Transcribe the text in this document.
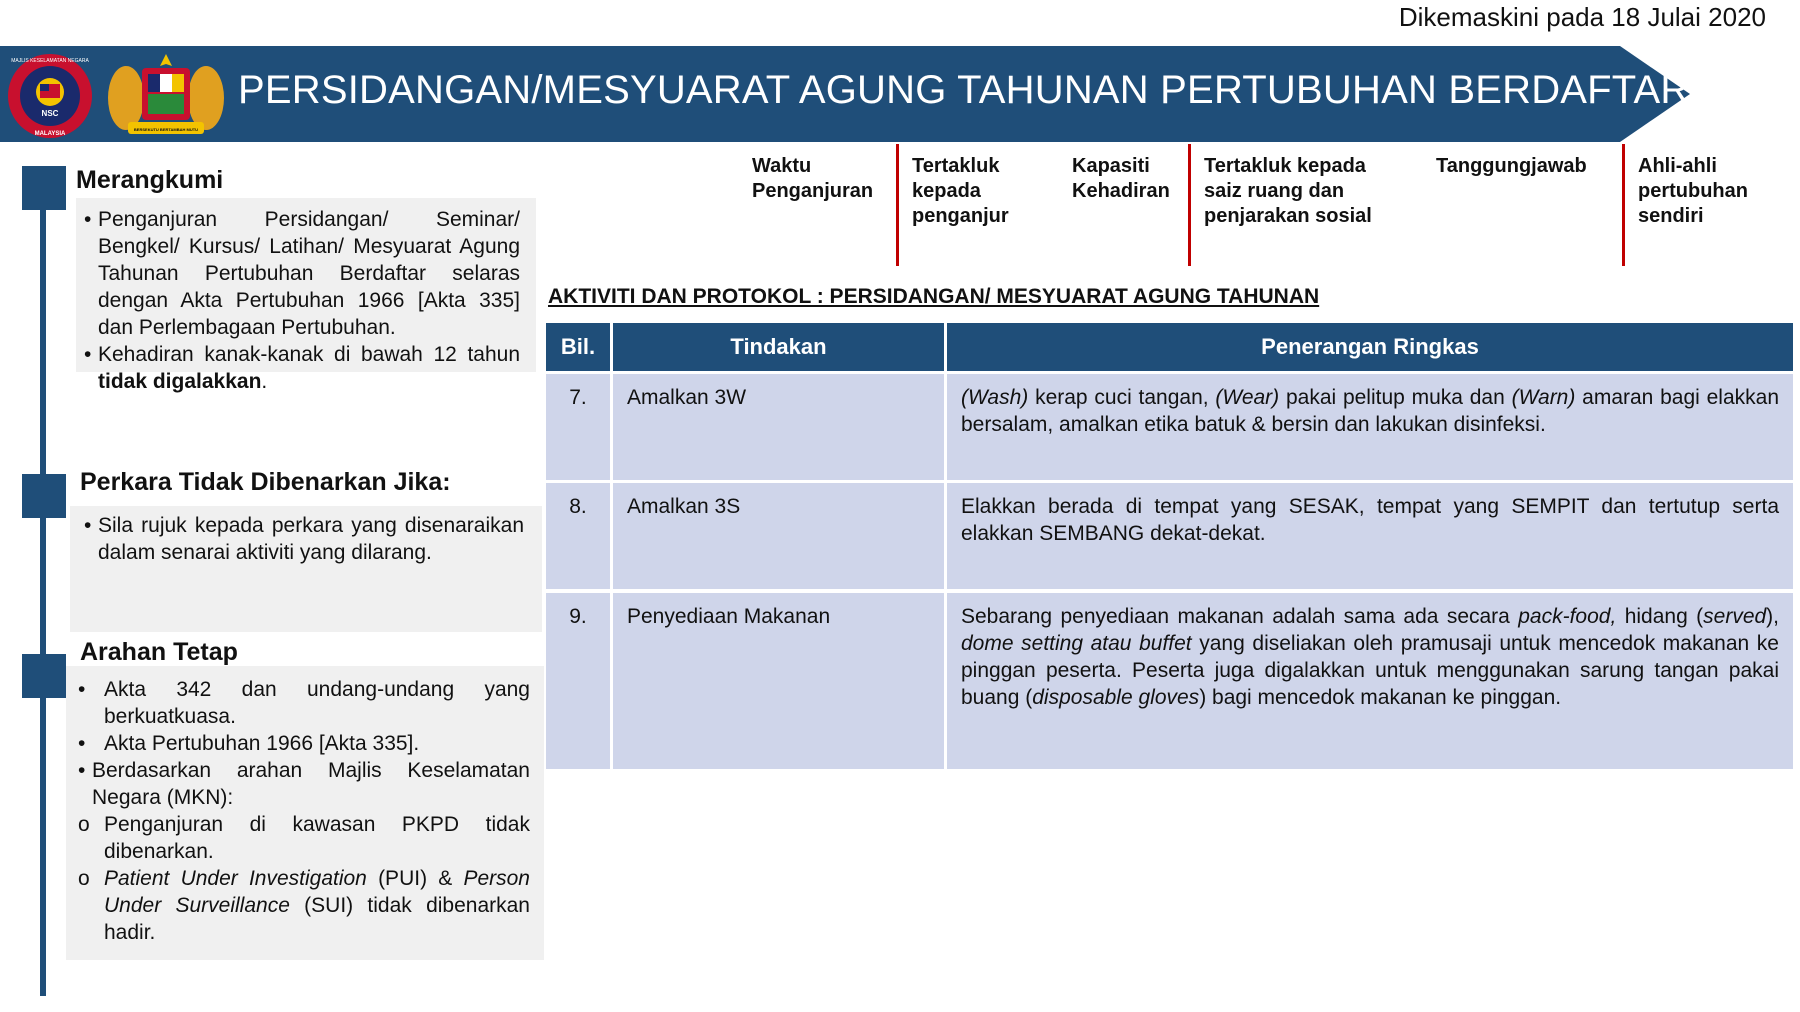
Dikemaskini pada 18 Julai 2020
PERSIDANGAN/MESYUARAT AGUNG TAHUNAN PERTUBUHAN BERDAFTAR
NSC
MAJLIS KESELAMATAN NEGARA
MALAYSIA
BERSEKUTU BERTAMBAH MUTU
Merangkumi
• Penganjuran Persidangan/ Seminar/ Bengkel/ Kursus/ Latihan/ Mesyuarat Agung Tahunan Pertubuhan Berdaftar selaras dengan Akta Pertubuhan 1966 [Akta 335] dan Perlembagaan Pertubuhan.
• Kehadiran kanak-kanak di bawah 12 tahun tidak digalakkan.
Perkara Tidak Dibenarkan Jika:
• Sila rujuk kepada perkara yang disenaraikan dalam senarai aktiviti yang dilarang.
Arahan Tetap
• Akta 342 dan undang-undang yang berkuatkuasa.
• Akta Pertubuhan 1966 [Akta 335].
• Berdasarkan arahan Majlis Keselamatan Negara (MKN):
o Penganjuran di kawasan PKPD tidak dibenarkan.
o Patient Under Investigation (PUI) & Person Under Surveillance (SUI) tidak dibenarkan hadir.
Waktu Penganjuran
Tertakluk kepada penganjur
Kapasiti Kehadiran
Tertakluk kepada saiz ruang dan penjarakan sosial
Tanggungjawab	Ahli-ahli pertubuhan sendiri
AKTIVITI DAN PROTOKOL : PERSIDANGAN/ MESYUARAT AGUNG TAHUNAN
Bil.	Tindakan	Penerangan Ringkas
7.	Amalkan 3W	(Wash) kerap cuci tangan, (Wear) pakai pelitup muka dan (Warn) amaran bagi elakkan bersalam, amalkan etika batuk & bersin dan lakukan disinfeksi.
8.	Amalkan 3S	Elakkan berada di tempat yang SESAK, tempat yang SEMPIT dan tertutup serta elakkan SEMBANG dekat-dekat.
9.	Penyediaan Makanan	Sebarang penyediaan makanan adalah sama ada secara pack-food, hidang (served), dome setting atau buffet yang diseliakan oleh pramusaji untuk mencedok makanan ke pinggan peserta. Peserta juga digalakkan untuk menggunakan sarung tangan pakai buang (disposable gloves) bagi mencedok makanan ke pinggan.
